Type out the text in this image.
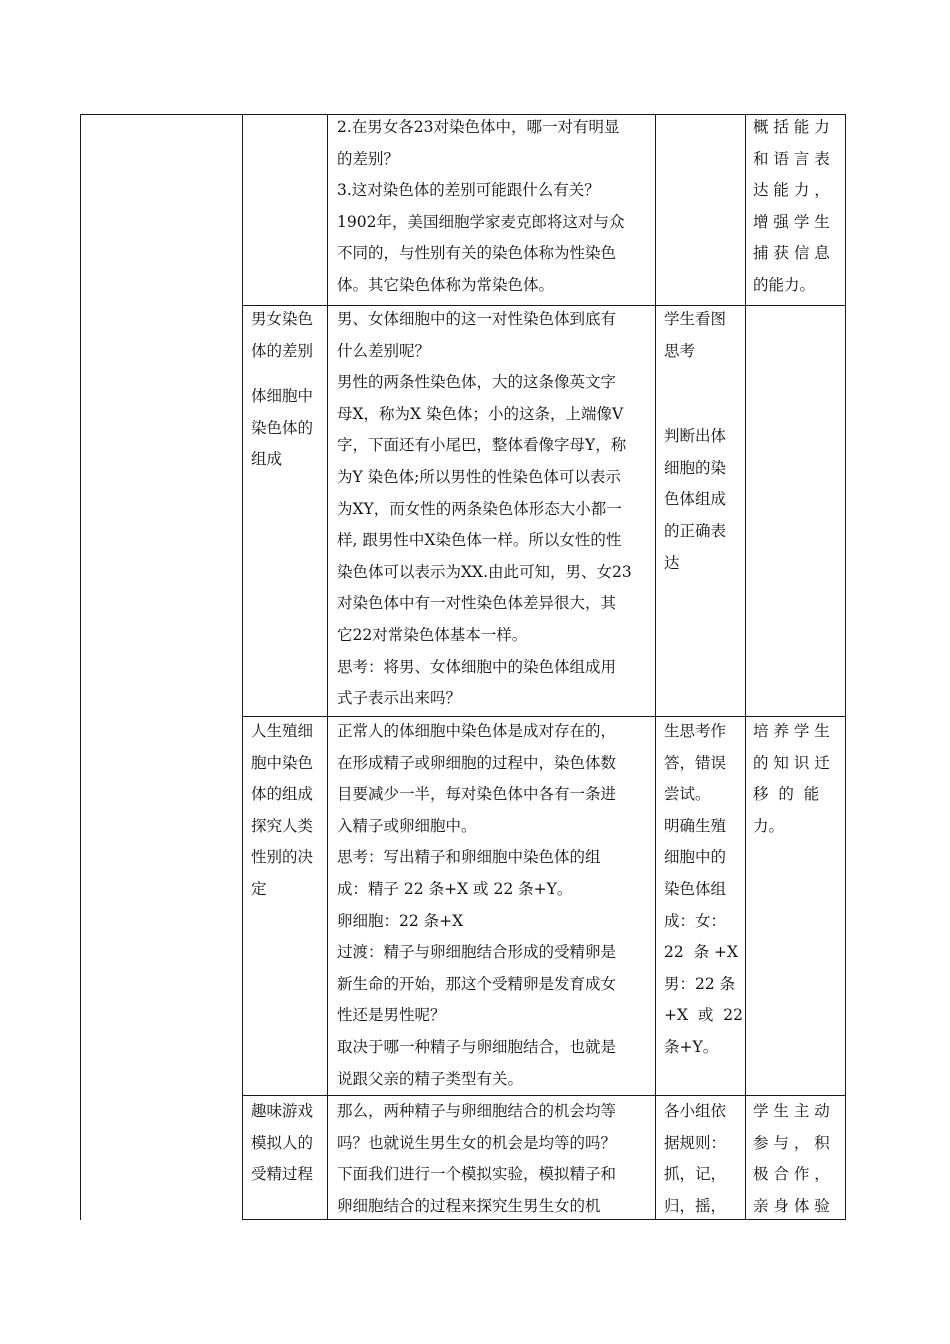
2.在男女各23对染色体中，哪一对有明显
的差别？
3.这对染色体的差别可能跟什么有关？
1902年，美国细胞学家麦克郎将这对与众
不同的，与性别有关的染色体称为性染色
体。其它染色体称为常染色体。
概 括 能 力
和 语 言 表
达 能 力 ，
增 强 学 生
捕 获 信 息
的能力。
男女染色
体的差别
体细胞中
染色体的
组成
男、女体细胞中的这一对性染色体到底有
什么差别呢？
男性的两条性染色体，大的这条像英文字
母X，称为X 染色体；小的这条，上端像V
字，下面还有小尾巴，整体看像字母Y，称
为Y 染色体;所以男性的性染色体可以表示
为XY，而女性的两条染色体形态大小都一
样, 跟男性中X染色体一样。所以女性的性
染色体可以表示为XX.由此可知，男、女23
对染色体中有一对性染色体差异很大，其
它22对常染色体基本一样。
思考：将男、女体细胞中的染色体组成用
式子表示出来吗？
学生看图
思考
判断出体
细胞的染
色体组成
的正确表
达
人生殖细
胞中染色
体的组成
探究人类
性别的决
定
正常人的体细胞中染色体是成对存在的，
在形成精子或卵细胞的过程中，染色体数
目要减少一半，每对染色体中各有一条进
入精子或卵细胞中。
思考：写出精子和卵细胞中染色体的组
成：精子 22 条+X 或 22 条+Y。
卵细胞：22 条+X
过渡：精子与卵细胞结合形成的受精卵是
新生命的开始，那这个受精卵是发育成女
性还是男性呢？
取决于哪一种精子与卵细胞结合，也就是
说跟父亲的精子类型有关。
生思考作
答，错误
尝试。
明确生殖
细胞中的
染色体组
成：女：
22  条 +X
男：22 条
+X  或  22
条+Y。
培 养 学 生
的 知 识 迁
移  的  能
力。
趣味游戏
模拟人的
受精过程
那么，两种精子与卵细胞结合的机会均等
吗？也就说生男生女的机会是均等的吗？
下面我们进行一个模拟实验，模拟精子和
卵细胞结合的过程来探究生男生女的机
各小组依
据规则：
抓，记，
归，摇，
学 生 主 动
参 与 ， 积
极 合 作 ，
亲 身 体 验
